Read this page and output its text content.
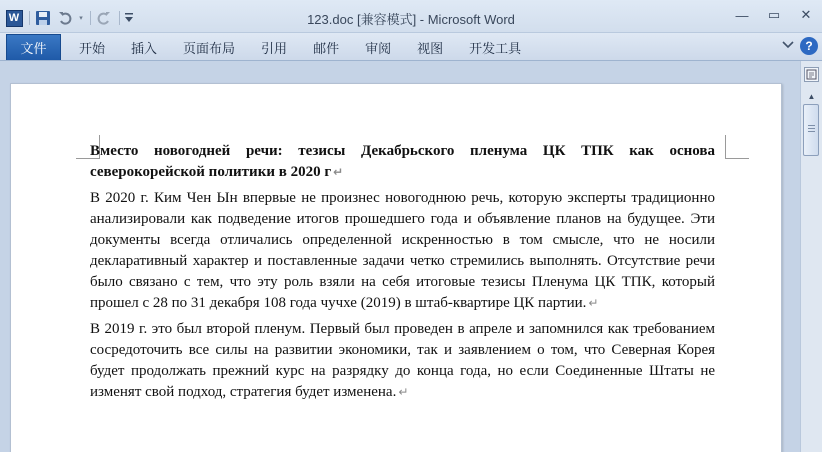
W	▾	123.doc [兼容模式] - Microsoft Word	—	▭	✕
文件	开始	插入	页面布局	引用	邮件	审阅	视图	开发工具	?

Вместо новогодней речи: тезисы Декабрьского пленума ЦК ТПК как основа северокорейской политики в 2020 г ↵

В 2020 г. Ким Чен Ын впервые не произнес новогоднюю речь, которую эксперты традиционно анализировали как подведение итогов прошедшего года и объявление планов на будущее. Эти документы всегда отличались определенной искренностью в том смысле, что не носили декларативный характер и поставленные задачи четко стремились выполнять. Отсутствие речи было связано с тем, что эту роль взяли на себя итоговые тезисы Пленума ЦК ТПК, который прошел с 28 по 31 декабря 108 года чучхе (2019) в штаб-квартире ЦК партии. ↵

В 2019 г. это был второй пленум. Первый был проведен в апреле и запомнился как требованием сосредоточить все силы на развитии экономики, так и заявлением о том, что Северная Корея будет продолжать прежний курс на разрядку до конца года, но если Соединенные Штаты не изменят свой подход, стратегия будет изменена. ↵

▲
